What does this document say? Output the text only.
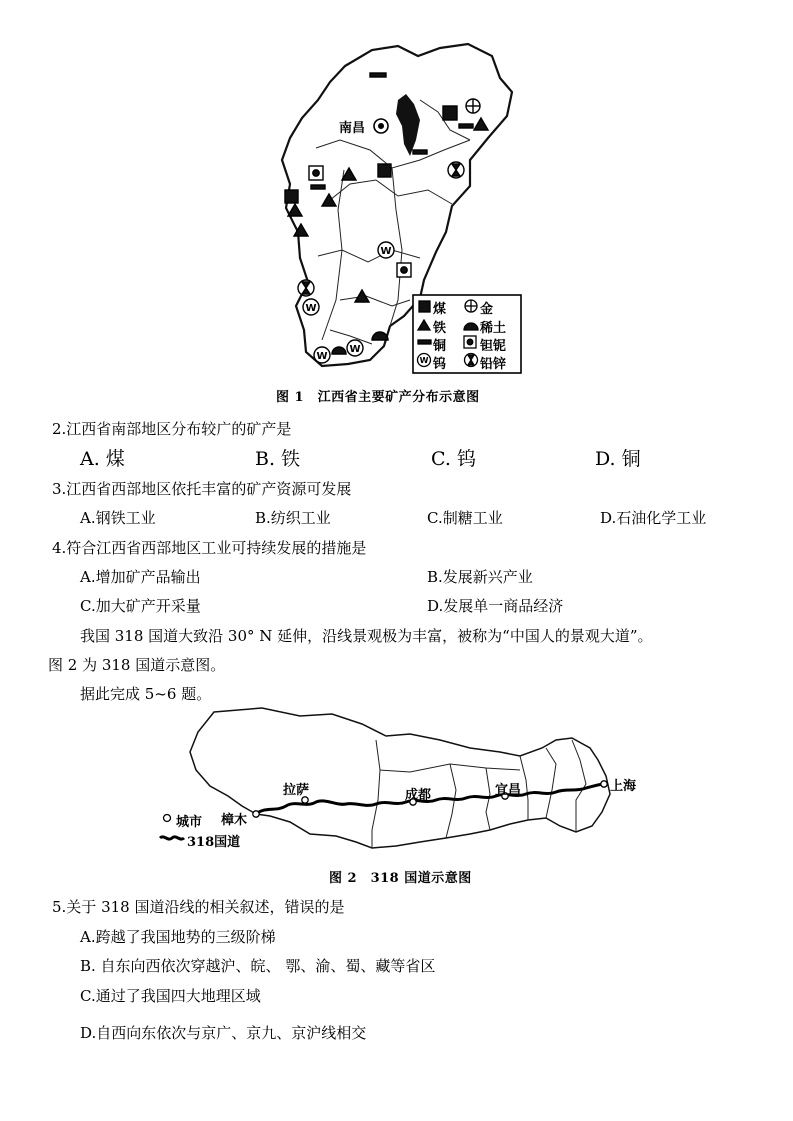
W
W
W
W	W
南昌
煤	金
铁	稀土
铜	钽铌
钨	铅锌
图 1　江西省主要矿产分布示意图
2.江西省南部地区分布较广的矿产是
A. 煤	B. 铁	C. 钨	D. 铜
3.江西省西部地区依托丰富的矿产资源可发展
A.钢铁工业	B.纺织工业	C.制糖工业	D.石油化学工业
4.符合江西省西部地区工业可持续发展的措施是
A.增加矿产品输出	B.发展新兴产业
C.加大矿产开采量	D.发展单一商品经济
我国 318 国道大致沿 30° N 延伸，沿线景观极为丰富，被称为“中国人的景观大道”。
图 2 为 318 国道示意图。
据此完成 5~6 题。
拉萨	成都	宜昌	上海
樟木
城市
318国道
图 2　318 国道示意图
5.关于 318 国道沿线的相关叙述，错误的是
A.跨越了我国地势的三级阶梯
B. 自东向西依次穿越沪、皖、 鄂、渝、蜀、藏等省区
C.通过了我国四大地理区域
D.自西向东依次与京广、京九、京沪线相交
